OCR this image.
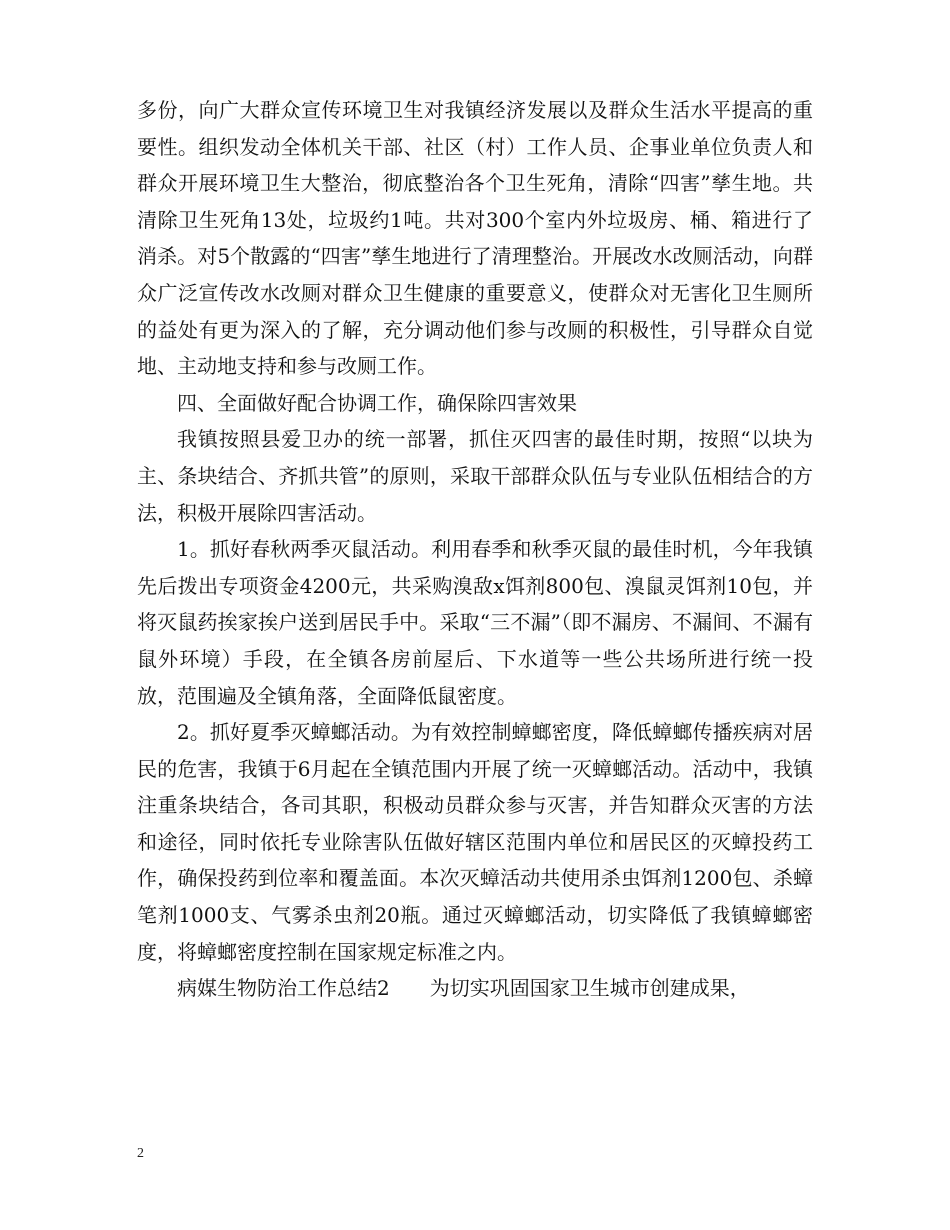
多份，向广大群众宣传环境卫生对我镇经济发展以及群众生活水平提高的重要性。组织发动全体机关干部、社区（村）工作人员、企事业单位负责人和群众开展环境卫生大整治，彻底整治各个卫生死角，清除“四害”孳生地。共清除卫生死角13处，垃圾约1吨。共对300个室内外垃圾房、桶、箱进行了消杀。对5个散露的“四害”孳生地进行了清理整治。开展改水改厕活动，向群众广泛宣传改水改厕对群众卫生健康的重要意义，使群众对无害化卫生厕所的益处有更为深入的了解，充分调动他们参与改厕的积极性，引导群众自觉地、主动地支持和参与改厕工作。

四、全面做好配合协调工作，确保除四害效果

我镇按照县爱卫办的统一部署，抓住灭四害的最佳时期，按照“以块为主、条块结合、齐抓共管”的原则，采取干部群众队伍与专业队伍相结合的方法，积极开展除四害活动。

1。抓好春秋两季灭鼠活动。利用春季和秋季灭鼠的最佳时机，今年我镇先后拨出专项资金4200元，共采购溴敌x饵剂800包、溴鼠灵饵剂10包，并将灭鼠药挨家挨户送到居民手中。采取“三不漏”（即不漏房、不漏间、不漏有鼠外环境）手段，在全镇各房前屋后、下水道等一些公共场所进行统一投放，范围遍及全镇角落，全面降低鼠密度。

2。抓好夏季灭蟑螂活动。为有效控制蟑螂密度，降低蟑螂传播疾病对居民的危害，我镇于6月起在全镇范围内开展了统一灭蟑螂活动。活动中，我镇注重条块结合，各司其职，积极动员群众参与灭害，并告知群众灭害的方法和途径，同时依托专业除害队伍做好辖区范围内单位和居民区的灭蟑投药工作，确保投药到位率和覆盖面。本次灭蟑活动共使用杀虫饵剂1200包、杀蟑笔剂1000支、气雾杀虫剂20瓶。通过灭蟑螂活动，切实降低了我镇蟑螂密度，将蟑螂密度控制在国家规定标准之内。

病媒生物防治工作总结2　　为切实巩固国家卫生城市创建成果，

2
